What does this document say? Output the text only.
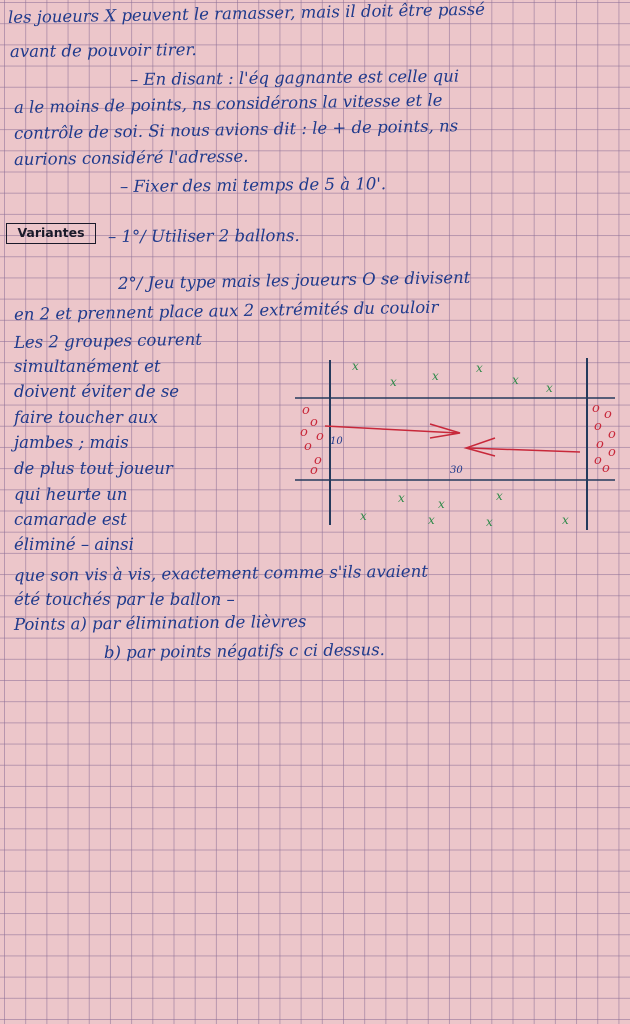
les joueurs X peuvent le ramasser, mais il doit être passé
avant de pouvoir tirer.
– En disant : l'éq gagnante est celle qui
a le moins de points, ns considérons la vitesse et le
contrôle de soi. Si nous avions dit : le + de points, ns
aurions considéré l'adresse.
– Fixer des mi temps de 5 à 10'.
Variantes	– 1°/ Utiliser 2 ballons.
2°/ Jeu type mais les joueurs O se divisent
en 2 et prennent place aux 2 extrémités du couloir
Les 2 groupes courent
simultanément et
doivent éviter de se
faire toucher aux
jambes ; mais
de plus tout joueur
qui heurte un
camarade est
éliminé – ainsi
que son vis à vis, exactement comme s'ils avaient
été touchés par le ballon –
Points a) par élimination de lièvres
b) par points négatifs c ci dessus.
10
30
o
o
o o
o
o
o
o o
o
o
o
o
o
o
x
x	x
x
x
x
x	x
x
x	x	x	x
